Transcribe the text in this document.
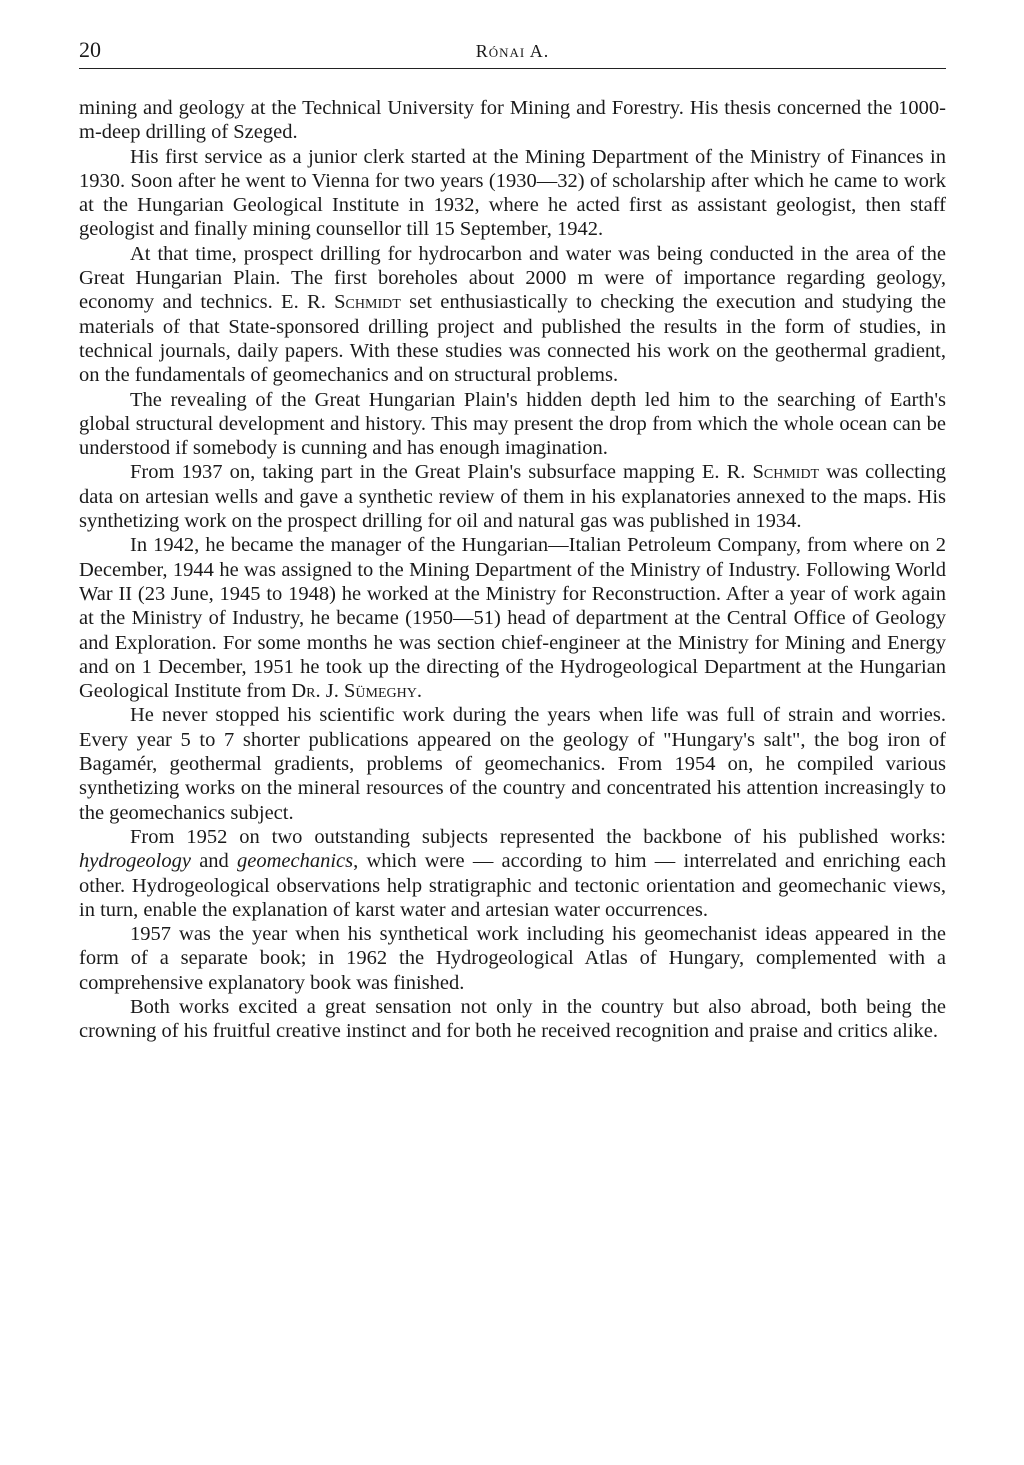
20	Rónai A.

mining and geology at the Technical University for Mining and Forestry. His thesis concerned the 1000-m-deep drilling of Szeged.

His first service as a junior clerk started at the Mining Department of the Ministry of Finances in 1930. Soon after he went to Vienna for two years (1930—32) of scholarship after which he came to work at the Hungarian Geological Institute in 1932, where he acted first as assistant geologist, then staff geologist and finally mining counsellor till 15 September, 1942.

At that time, prospect drilling for hydrocarbon and water was being conducted in the area of the Great Hungarian Plain. The first boreholes about 2000 m were of importance regarding geology, economy and technics. E. R. Schmidt set enthusiastically to checking the execution and studying the materials of that State-sponsored drilling project and published the results in the form of studies, in technical journals, daily papers. With these studies was connected his work on the geothermal gradient, on the fundamentals of geomechanics and on structural problems.

The revealing of the Great Hungarian Plain's hidden depth led him to the searching of Earth's global structural development and history. This may present the drop from which the whole ocean can be understood if somebody is cunning and has enough imagination.

From 1937 on, taking part in the Great Plain's subsurface mapping E. R. Schmidt was collecting data on artesian wells and gave a synthetic review of them in his explanatories annexed to the maps. His synthetizing work on the prospect drilling for oil and natural gas was published in 1934.

In 1942, he became the manager of the Hungarian—Italian Petroleum Company, from where on 2 December, 1944 he was assigned to the Mining Department of the Ministry of Industry. Following World War II (23 June, 1945 to 1948) he worked at the Ministry for Reconstruction. After a year of work again at the Ministry of Industry, he became (1950—51) head of department at the Central Office of Geology and Exploration. For some months he was section chief-engineer at the Ministry for Mining and Energy and on 1 December, 1951 he took up the directing of the Hydrogeological Department at the Hungarian Geological Institute from Dr. J. Sümeghy.

He never stopped his scientific work during the years when life was full of strain and worries. Every year 5 to 7 shorter publications appeared on the geology of "Hungary's salt", the bog iron of Bagamér, geothermal gradients, problems of geomechanics. From 1954 on, he compiled various synthetizing works on the mineral resources of the country and concentrated his attention increasingly to the geomechanics subject.

From 1952 on two outstanding subjects represented the backbone of his published works: hydrogeology and geomechanics, which were — according to him — interrelated and enriching each other. Hydrogeological observations help stratigraphic and tectonic orientation and geomechanic views, in turn, enable the explanation of karst water and artesian water occurrences.

1957 was the year when his synthetical work including his geomechanist ideas appeared in the form of a separate book; in 1962 the Hydrogeological Atlas of Hungary, complemented with a comprehensive explanatory book was finished.

Both works excited a great sensation not only in the country but also abroad, both being the crowning of his fruitful creative instinct and for both he received recognition and praise and critics alike.
